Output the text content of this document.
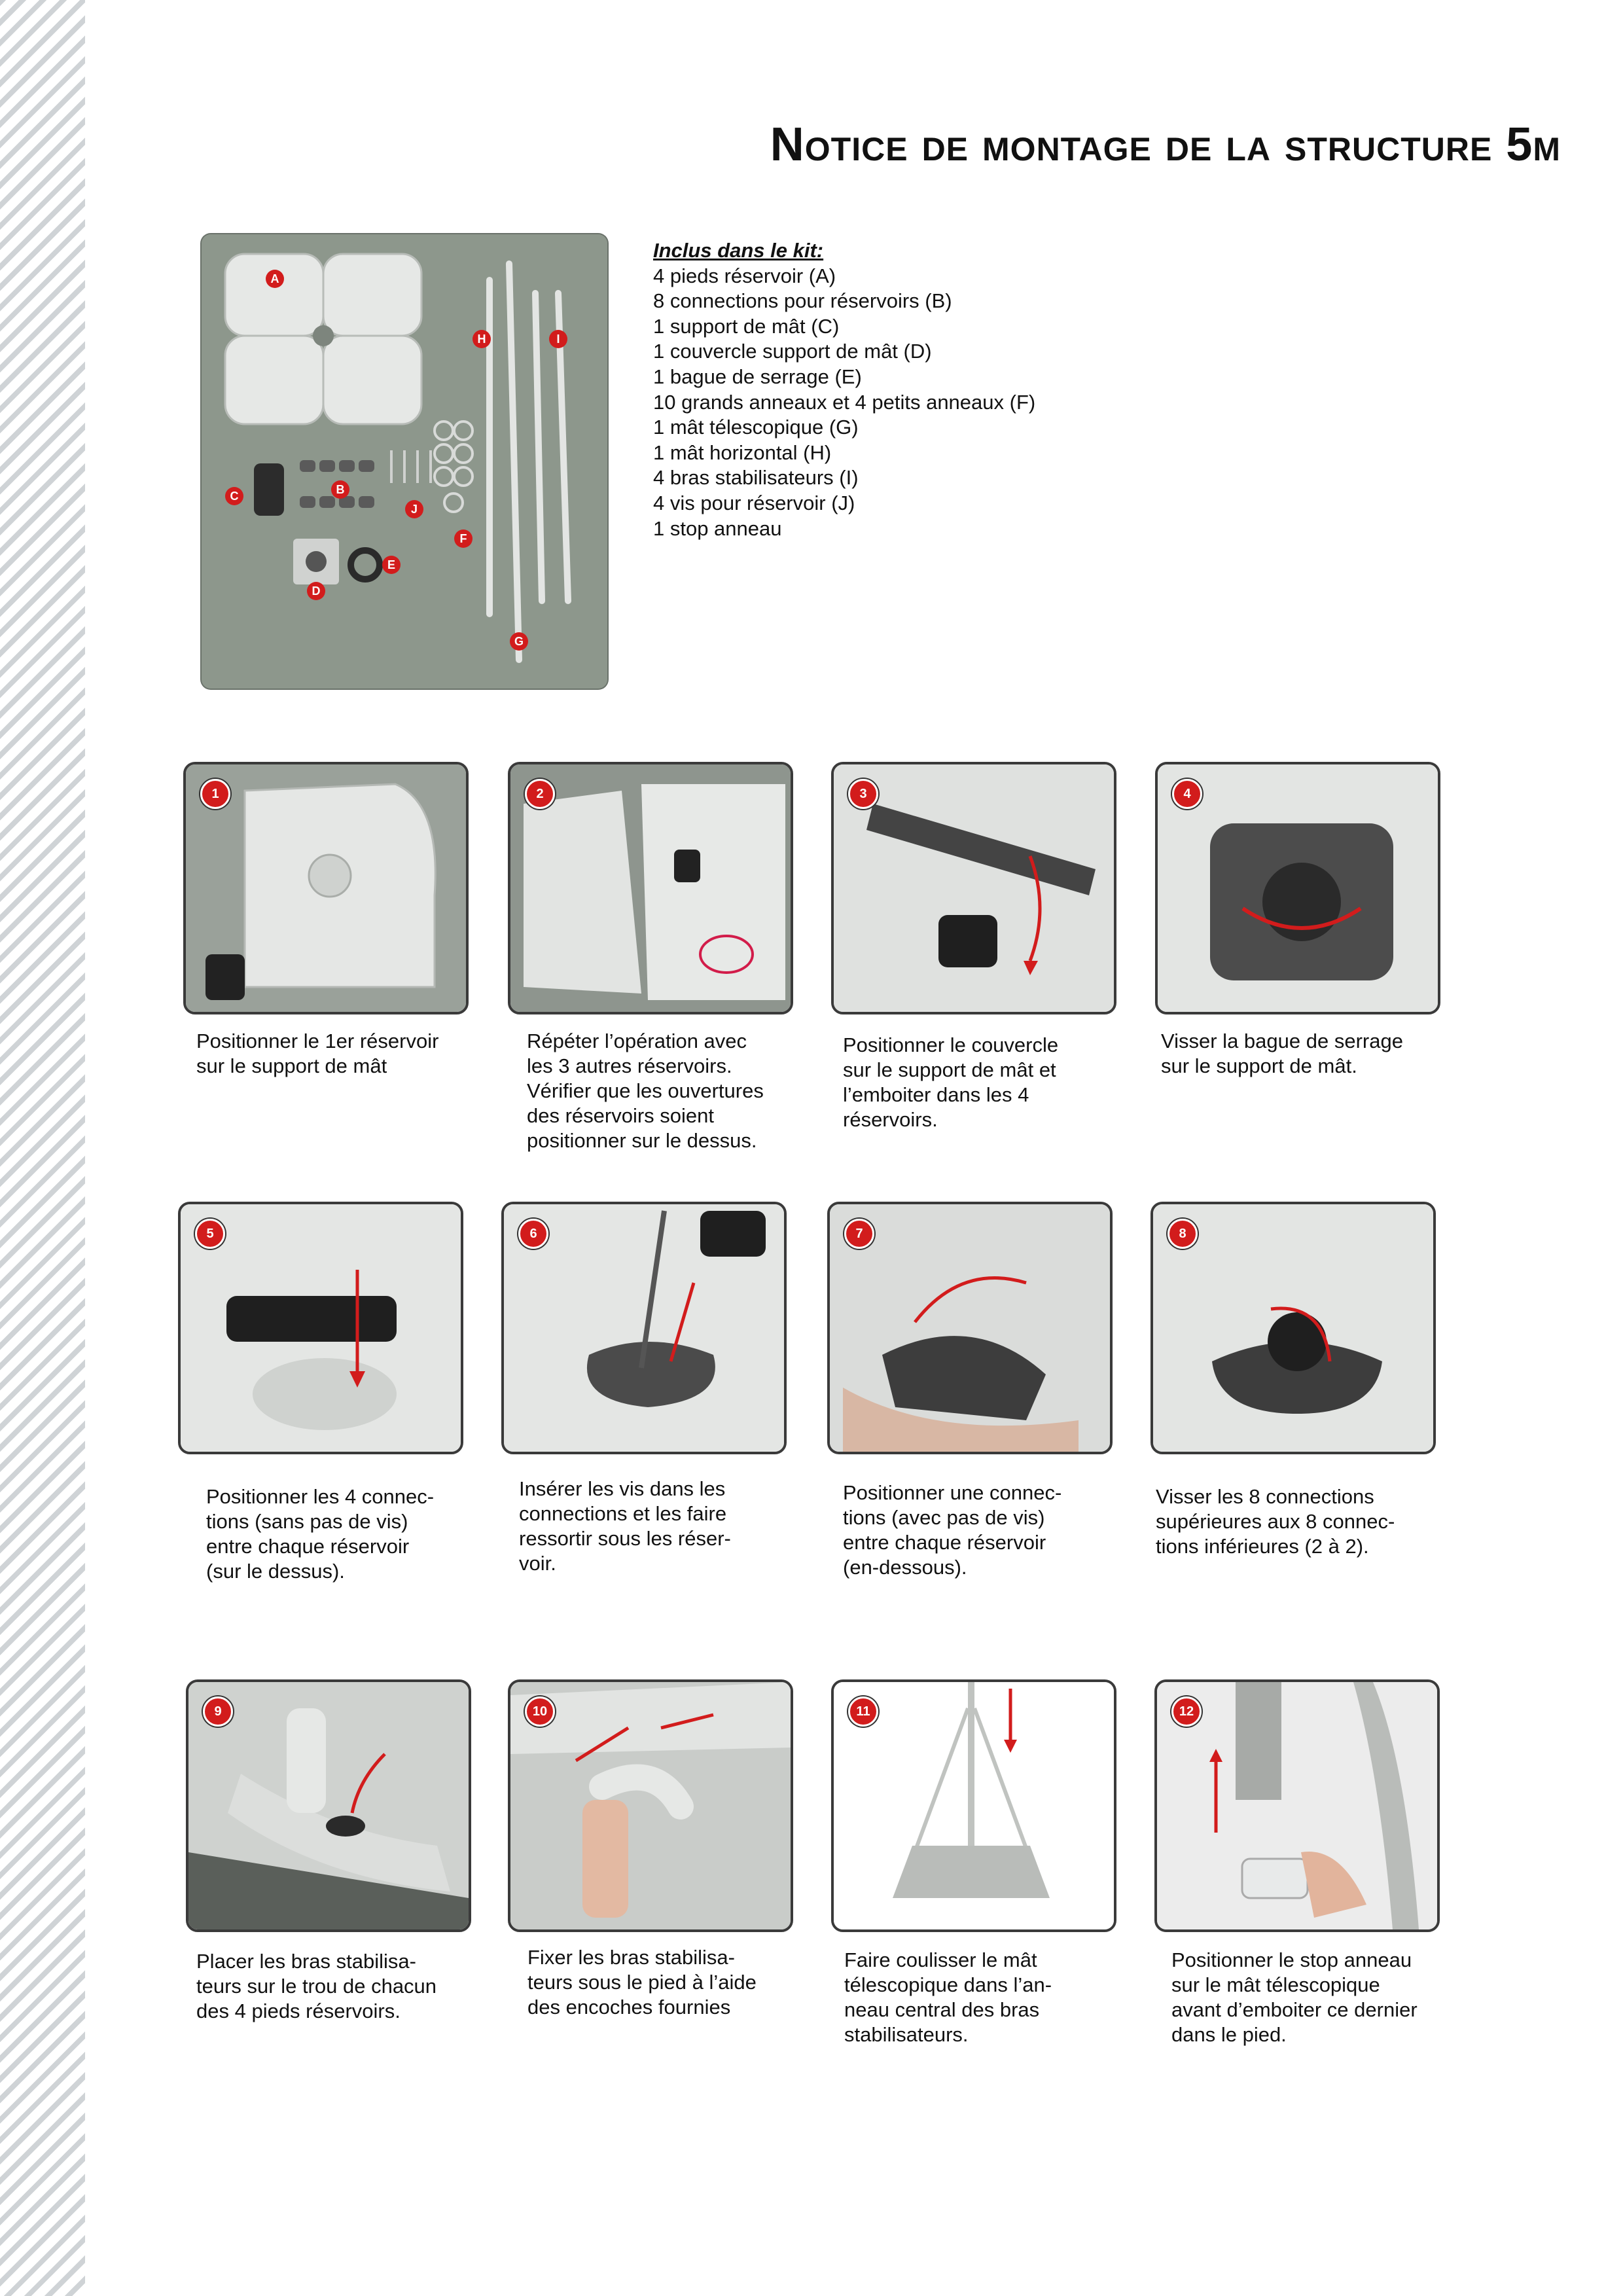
Notice de montage de la structure 5m
A
B
C
D
E
F
G
H	I
J
Inclus dans le kit:
4 pieds réservoir (A)
8 connections pour réservoirs (B)
1 support de mât (C)
1 couvercle support de mât (D)
1 bague de serrage (E)
10 grands anneaux et 4 petits anneaux (F)
1 mât télescopique (G)
1 mât horizontal (H)
4 bras stabilisateurs (I)
4 vis pour réservoir (J)
1 stop anneau
1	2	3	4
Positionner le 1er réservoir
sur le support de mât
Répéter l’opération avec
les 3 autres réservoirs.
Vérifier que les ouvertures
des réservoirs soient
positionner sur le dessus.
Positionner le couvercle
sur le support de mât et
l’emboiter dans les 4
réservoirs.
Visser la bague de serrage
sur le support de mât.
5	6	7	8
Positionner les 4 connec-
tions (sans pas de vis)
entre chaque réservoir
(sur le dessus).
Insérer les vis dans les
connections et les faire
ressortir sous les réser-
voir.
Positionner une connec-
tions (avec pas de vis)
entre chaque réservoir
(en-dessous).
Visser les 8 connections
supérieures aux 8 connec-
tions inférieures (2 à 2).
9	10	11	12
Placer les bras stabilisa-
teurs sur le trou de chacun
des 4 pieds réservoirs.
Fixer les bras stabilisa-
teurs sous le pied à l’aide
des encoches fournies
Faire coulisser le mât
télescopique dans l’an-
neau central des bras
stabilisateurs.
Positionner le stop anneau
sur le mât télescopique
avant d’emboiter ce dernier
dans le pied.
